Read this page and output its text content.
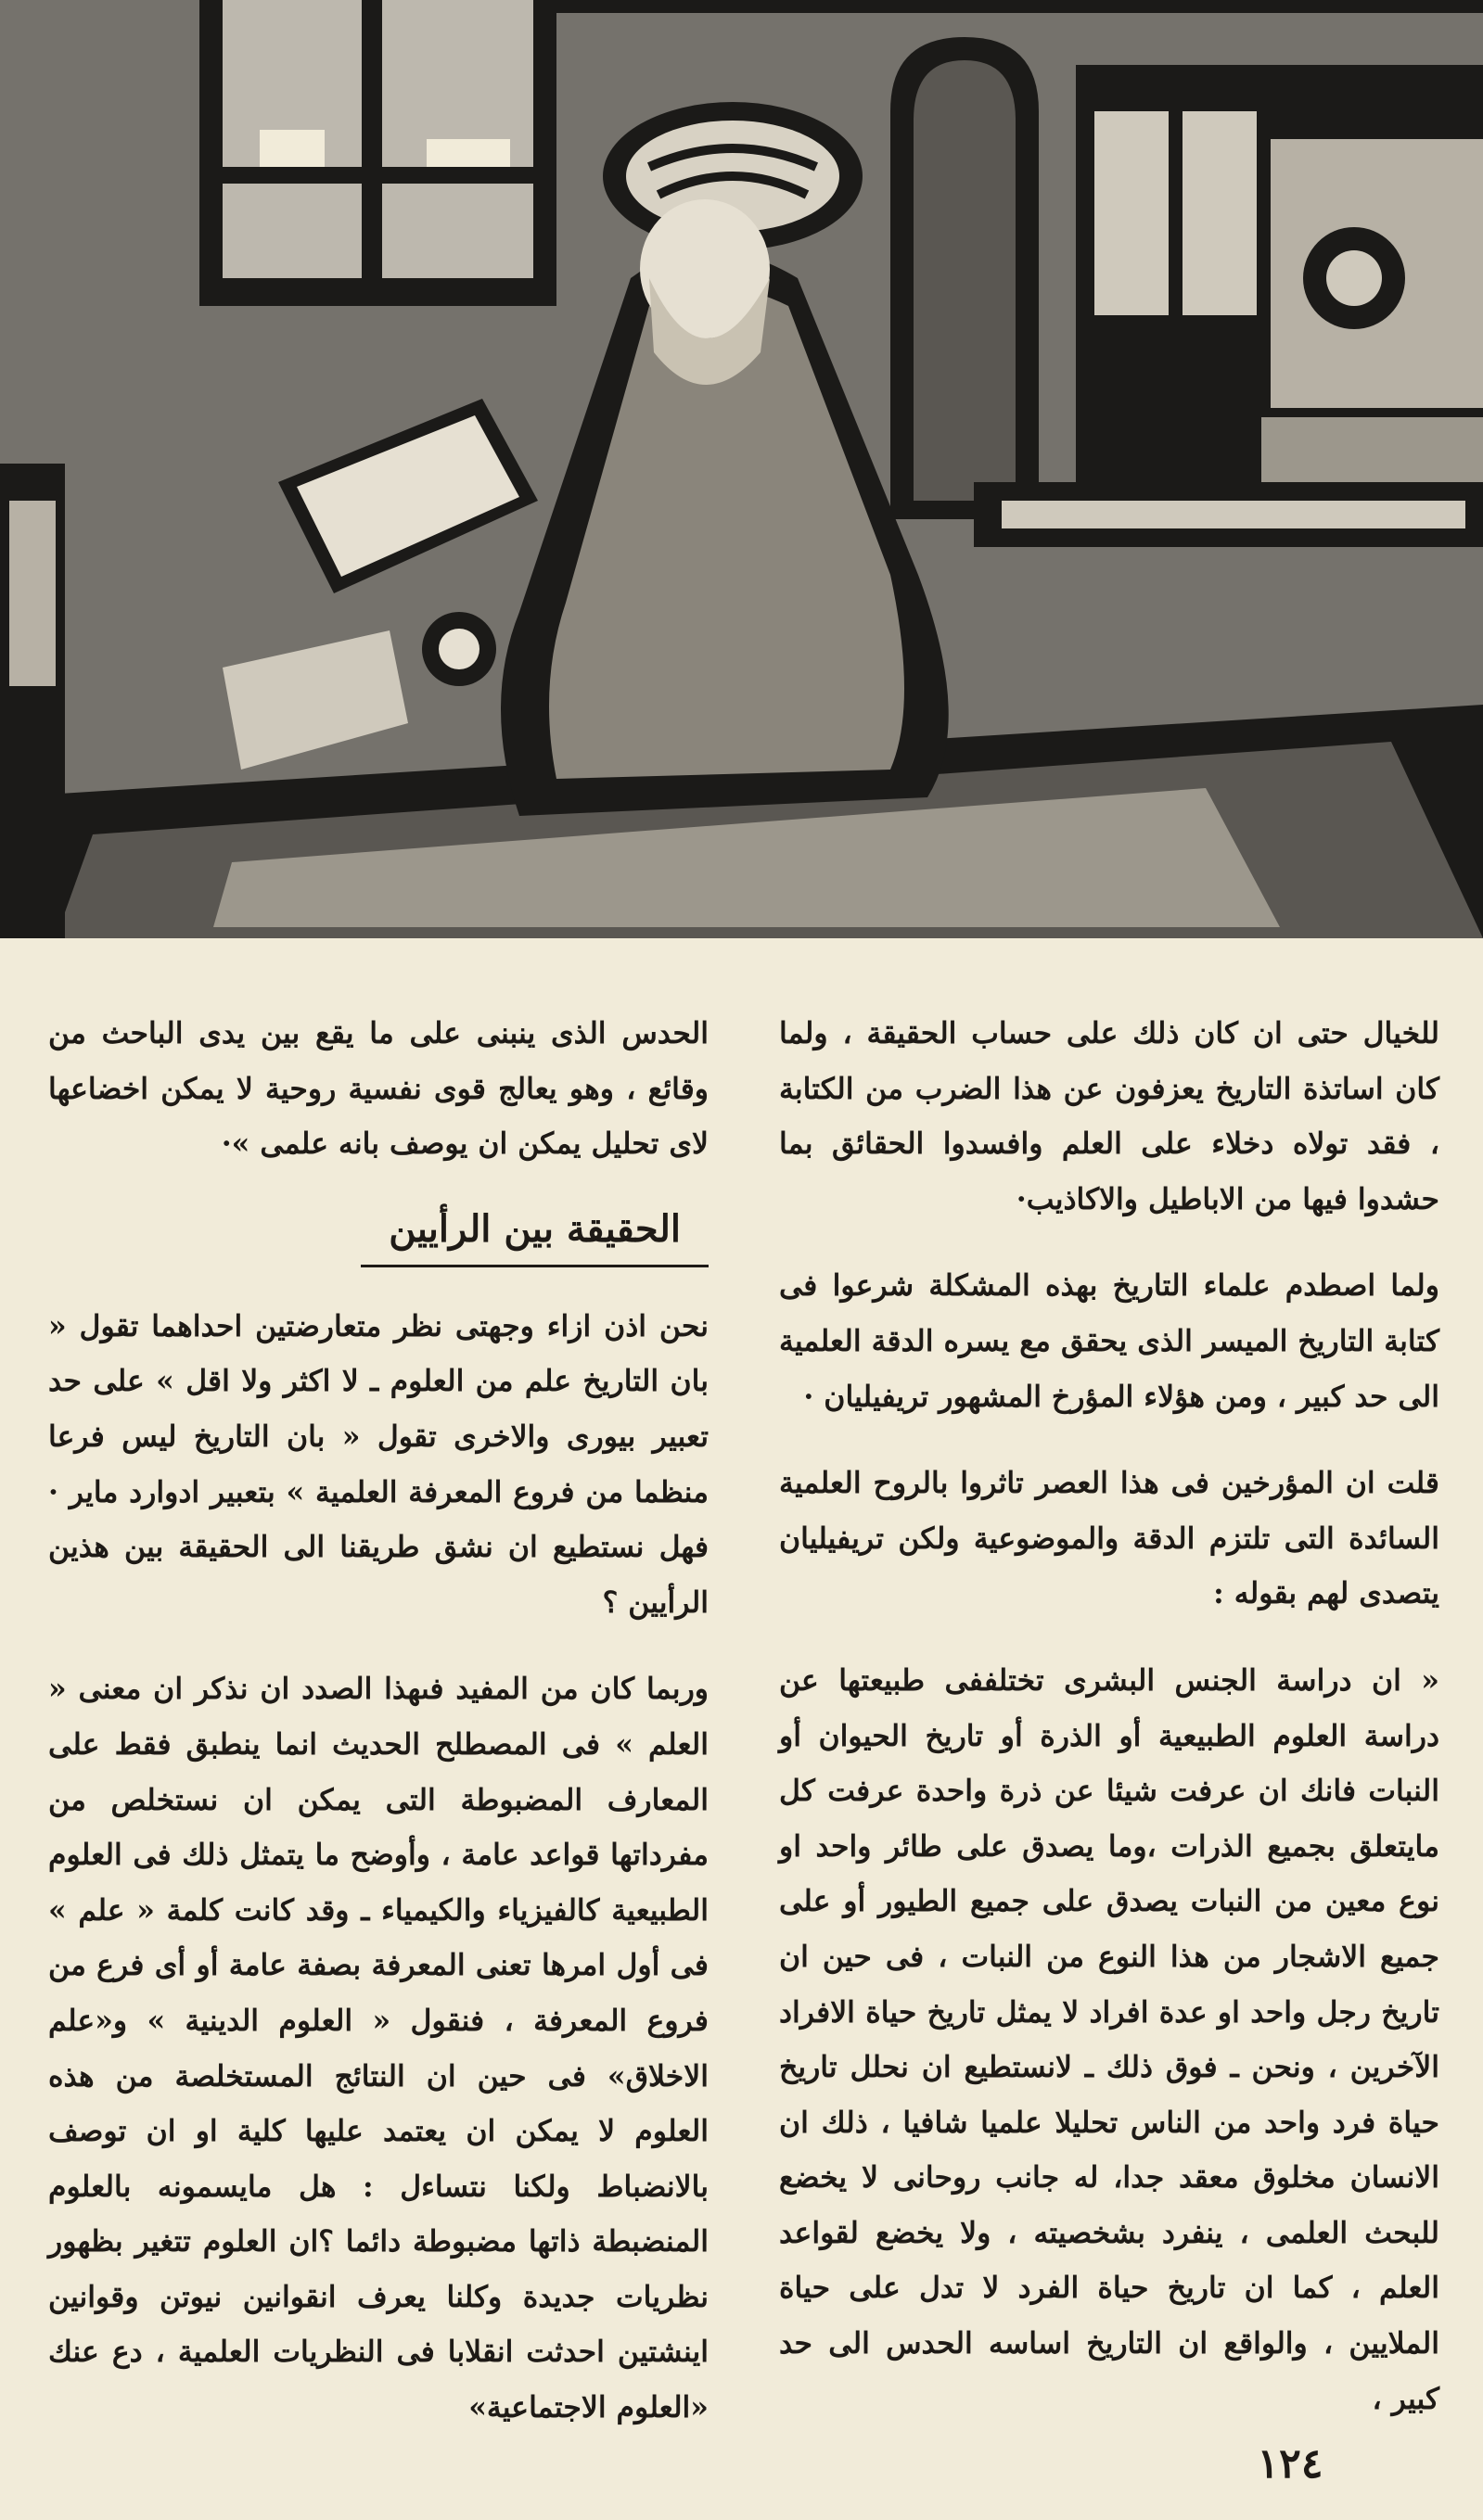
للخيال حتى ان كان ذلك على حساب الحقيقة ، ولما كان اساتذة التاريخ يعزفون عن هذا الضرب من الكتابة ، فقد تولاه دخلاء على العلم وافسدوا الحقائق بما حشدوا فيها من الاباطيل والاكاذيب·

ولما اصطدم علماء التاريخ بهذه المشكلة شرعوا فى كتابة التاريخ الميسر الذى يحقق مع يسره الدقة العلمية الى حد كبير ، ومن هؤلاء المؤرخ المشهور تريفيليان ·

قلت ان المؤرخين فى هذا العصر تاثروا بالروح العلمية السائدة التى تلتزم الدقة والموضوعية ولكن تريفيليان يتصدى لهم بقوله :

« ان دراسة الجنس البشرى تختلففى طبيعتها عن دراسة العلوم الطبيعية أو الذرة أو تاريخ الحيوان أو النبات فانك ان عرفت شيئا عن ذرة واحدة عرفت كل مايتعلق بجميع الذرات ،وما يصدق على طائر واحد او نوع معين من النبات يصدق على جميع الطيور أو على جميع الاشجار من هذا النوع من النبات ، فى حين ان تاريخ رجل واحد او عدة افراد لا يمثل تاريخ حياة الافراد الآخرين ، ونحن ـ فوق ذلك ـ لانستطيع ان نحلل تاريخ حياة فرد واحد من الناس تحليلا علميا شافيا ، ذلك ان الانسان مخلوق معقد جدا، له جانب روحانى لا يخضع للبحث العلمى ، ينفرد بشخصيته ، ولا يخضع لقواعد العلم ، كما ان تاريخ حياة الفرد لا تدل على حياة الملايين ، والواقع ان التاريخ اساسه الحدس الى حد كبير ،

الحدس الذى ينبنى على ما يقع بين يدى الباحث من وقائع ، وهو يعالج قوى نفسية روحية لا يمكن اخضاعها لاى تحليل يمكن ان يوصف بانه علمى »·

الحقيقة بين الرأيين

نحن اذن ازاء وجهتى نظر متعارضتين احداهما تقول « بان التاريخ علم من العلوم ـ لا اكثر ولا اقل » على حد تعبير بيورى والاخرى تقول « بان التاريخ ليس فرعا منظما من فروع المعرفة العلمية » بتعبير ادوارد ماير · فهل نستطيع ان نشق طريقنا الى الحقيقة بين هذين الرأيين ؟

وربما كان من المفيد فىهذا الصدد ان نذكر ان معنى « العلم » فى المصطلح الحديث انما ينطبق فقط على المعارف المضبوطة التى يمكن ان نستخلص من مفرداتها قواعد عامة ، وأوضح ما يتمثل ذلك فى العلوم الطبيعية كالفيزياء والكيمياء ـ وقد كانت كلمة « علم » فى أول امرها تعنى المعرفة بصفة عامة أو أى فرع من فروع المعرفة ، فنقول « العلوم الدينية » و«علم الاخلاق» فى حين ان النتائج المستخلصة من هذه العلوم لا يمكن ان يعتمد عليها كلية او ان توصف بالانضباط ولكنا نتساءل : هل مايسمونه بالعلوم المنضبطة ذاتها مضبوطة دائما ؟ان العلوم تتغير بظهور نظريات جديدة وكلنا يعرف انقوانين نيوتن وقوانين اينشتين احدثت انقلابا فى النظريات العلمية ، دع عنك «العلوم الاجتماعية»

١٢٤
